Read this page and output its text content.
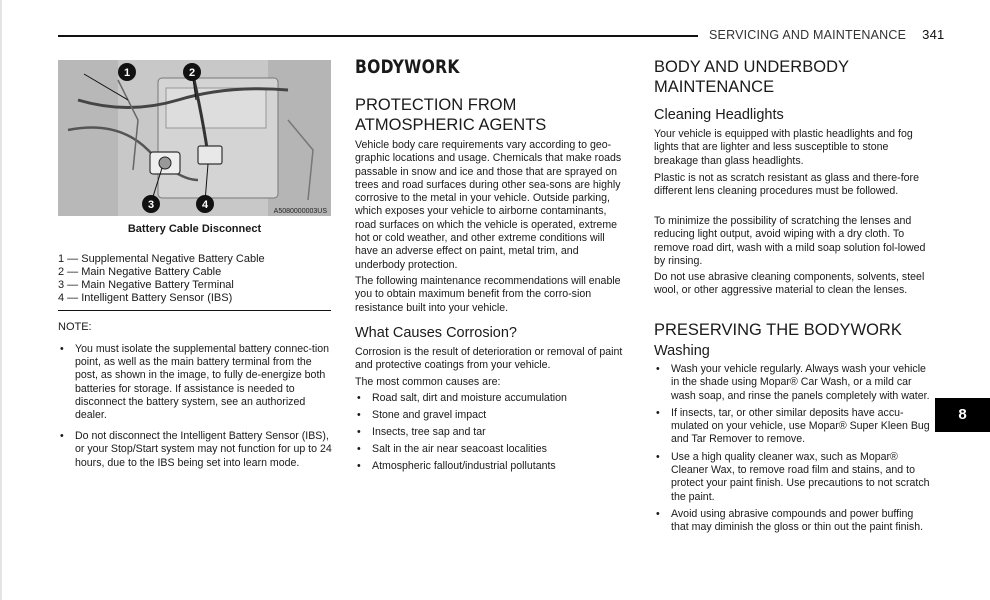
SERVICING AND MAINTENANCE 341
1	2
3	4
A5080000003US
Battery Cable Disconnect
1 — Supplemental Negative Battery Cable
2 — Main Negative Battery Cable
3 — Main Negative Battery Terminal
4 — Intelligent Battery Sensor (IBS)
NOTE:
• You must isolate the supplemental battery connec-tion point, as well as the main battery terminal from the post, as shown in the image, to fully de-energize both batteries for storage. If assistance is needed to disconnect the battery system, see an authorized dealer.
• Do not disconnect the Intelligent Battery Sensor (IBS), or your Stop/Start system may not function for up to 24 hours, due to the IBS being set into learn mode.
BODYWORK
PROTECTION FROM ATMOSPHERIC AGENTS
Vehicle body care requirements vary according to geo-graphic locations and usage. Chemicals that make roads passable in snow and ice and those that are sprayed on trees and road surfaces during other sea-sons are highly corrosive to the metal in your vehicle. Outside parking, which exposes your vehicle to airborne contaminants, road surfaces on which the vehicle is operated, extreme hot or cold weather, and other extreme conditions will have an adverse effect on paint, metal trim, and underbody protection.
The following maintenance recommendations will enable you to obtain maximum benefit from the corro-sion resistance built into your vehicle.
What Causes Corrosion?
Corrosion is the result of deterioration or removal of paint and protective coatings from your vehicle.
The most common causes are:
• Road salt, dirt and moisture accumulation
• Stone and gravel impact
• Insects, tree sap and tar
• Salt in the air near seacoast localities
• Atmospheric fallout/industrial pollutants
BODY AND UNDERBODY MAINTENANCE
Cleaning Headlights
Your vehicle is equipped with plastic headlights and fog lights that are lighter and less susceptible to stone breakage than glass headlights.
Plastic is not as scratch resistant as glass and there-fore different lens cleaning procedures must be followed.
To minimize the possibility of scratching the lenses and reducing light output, avoid wiping with a dry cloth. To remove road dirt, wash with a mild soap solution fol-lowed by rinsing.
Do not use abrasive cleaning components, solvents, steel wool, or other aggressive material to clean the lenses.
PRESERVING THE BODYWORK
Washing
• Wash your vehicle regularly. Always wash your vehicle in the shade using Mopar® Car Wash, or a mild car wash soap, and rinse the panels completely with water.
• If insects, tar, or other similar deposits have accu-mulated on your vehicle, use Mopar® Super Kleen Bug and Tar Remover to remove.
• Use a high quality cleaner wax, such as Mopar® Cleaner Wax, to remove road film and stains, and to protect your paint finish. Use precautions to not scratch the paint.
• Avoid using abrasive compounds and power buffing that may diminish the gloss or thin out the paint finish.
8
